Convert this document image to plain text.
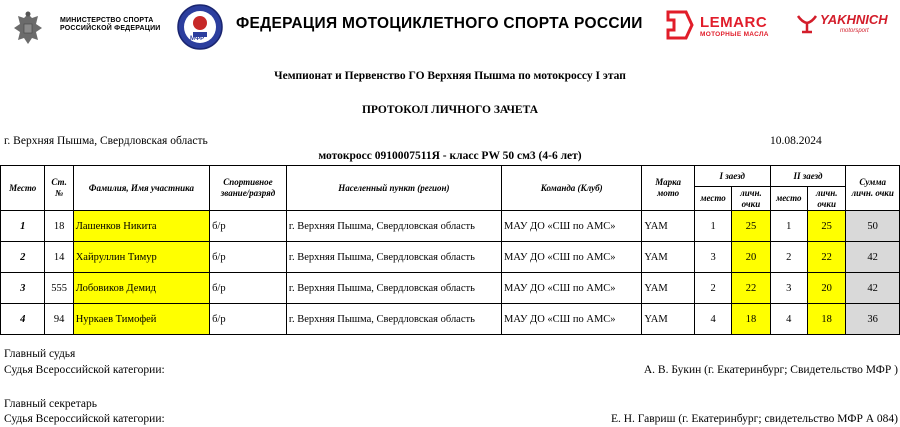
МИНИСТЕРСТВО СПОРТА
РОССИЙСКОЙ ФЕДЕРАЦИИ
МФР
ФЕДЕРАЦИЯ МОТОЦИКЛЕТНОГО СПОРТА РОССИИ	LEMARC
МОТОРНЫЕ МАСЛА
YAKHNICH
motorsport
Чемпионат и Первенство ГО Верхняя Пышма по мотокроссу I этап
ПРОТОКОЛ ЛИЧНОГО ЗАЧЕТА
г. Верхняя Пышма, Свердловская область	10.08.2024
мотокросс 0910007511Я - класс PW 50 см3 (4-6 лет)
Место	Ст. №	Фамилия, Имя участника	Спортивное звание/разряд	Населенный пункт (регион)	Команда (Клуб)	Марка мото	I заезд		II заезд		Сумма личн. очки
							место	личн. очки	место	личн. очки	
1	18	Лашенков Никита	б/р	г. Верхняя Пышма, Свердловская область	МАУ ДО «СШ по АМС»	YAM	1	25	1	25	50
2	14	Хайруллин Тимур	б/р	г. Верхняя Пышма, Свердловская область	МАУ ДО «СШ по АМС»	YAM	3	20	2	22	42
3	555	Лобовиков Демид	б/р	г. Верхняя Пышма, Свердловская область	МАУ ДО «СШ по АМС»	YAM	2	22	3	20	42
4	94	Нуркаев Тимофей	б/р	г. Верхняя Пышма, Свердловская область	МАУ ДО «СШ по АМС»	YAM	4	18	4	18	36
Главный судья
Судья Всероссийской категории:	А. В. Букин (г. Екатеринбург; Свидетельство МФР )
Главный секретарь
Судья Всероссийской категории:	Е. Н. Гавриш (г. Екатеринбург; свидетельство МФР А 084)
